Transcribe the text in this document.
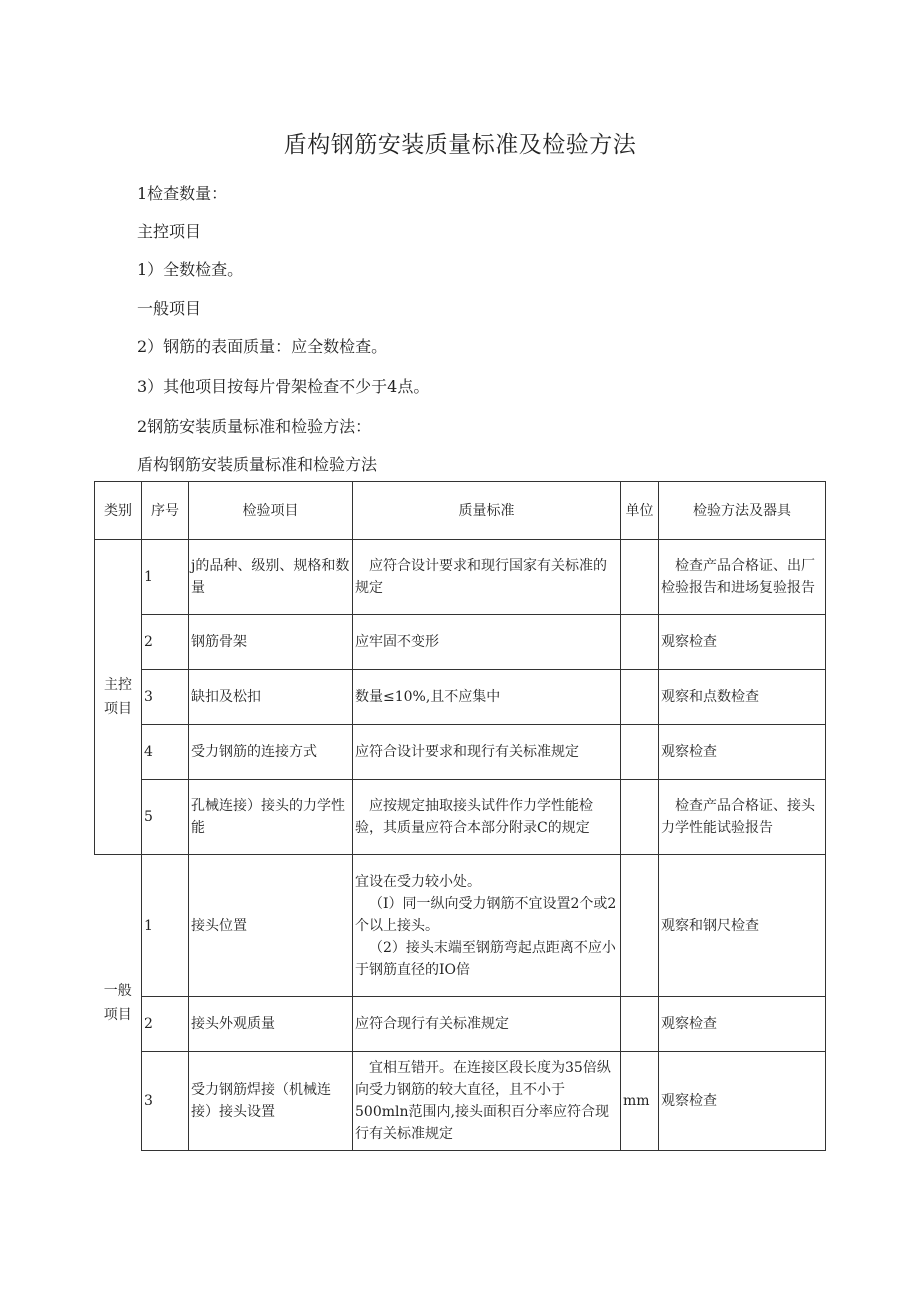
盾构钢筋安装质量标准及检验方法
1检查数量：
主控项目
1）全数检查。
一般项目
2）钢筋的表面质量：应全数检查。
3）其他项目按每片骨架检查不少于4点。
2钢筋安装质量标准和检验方法：
盾构钢筋安装质量标准和检验方法
类别	序号	检验项目	质量标准	单位	检验方法及器具
主控项目	1	j的品种、级别、规格和数量	应符合设计要求和现行国家有关标准的规定		检查产品合格证、出厂检验报告和进场复验报告
	2	钢筋骨架	应牢固不变形		观察检查
	3	缺扣及松扣	数量≤10%,且不应集中		观察和点数检查
	4	受力钢筋的连接方式	应符合设计要求和现行有关标准规定		观察检查
	5	孔械连接）接头的力学性能	应按规定抽取接头试件作力学性能检验，其质量应符合本部分附录C的规定		检查产品合格证、接头力学性能试验报告
一般项目	1	接头位置	宜设在受力较小处。
（I）同一纵向受力钢筋不宜设置2个或2个以上接头。
（2）接头末端至钢筋弯起点距离不应小于钢筋直径的IO倍		观察和钢尺检查
	2	接头外观质量	应符合现行有关标准规定		观察检查
	3	受力钢筋焊接（机械连接）接头设置	宜相互错开。在连接区段长度为35倍纵向受力钢筋的较大直径，且不小于500mln范围内,接头面积百分率应符合现行有关标准规定	mm	观察检查
